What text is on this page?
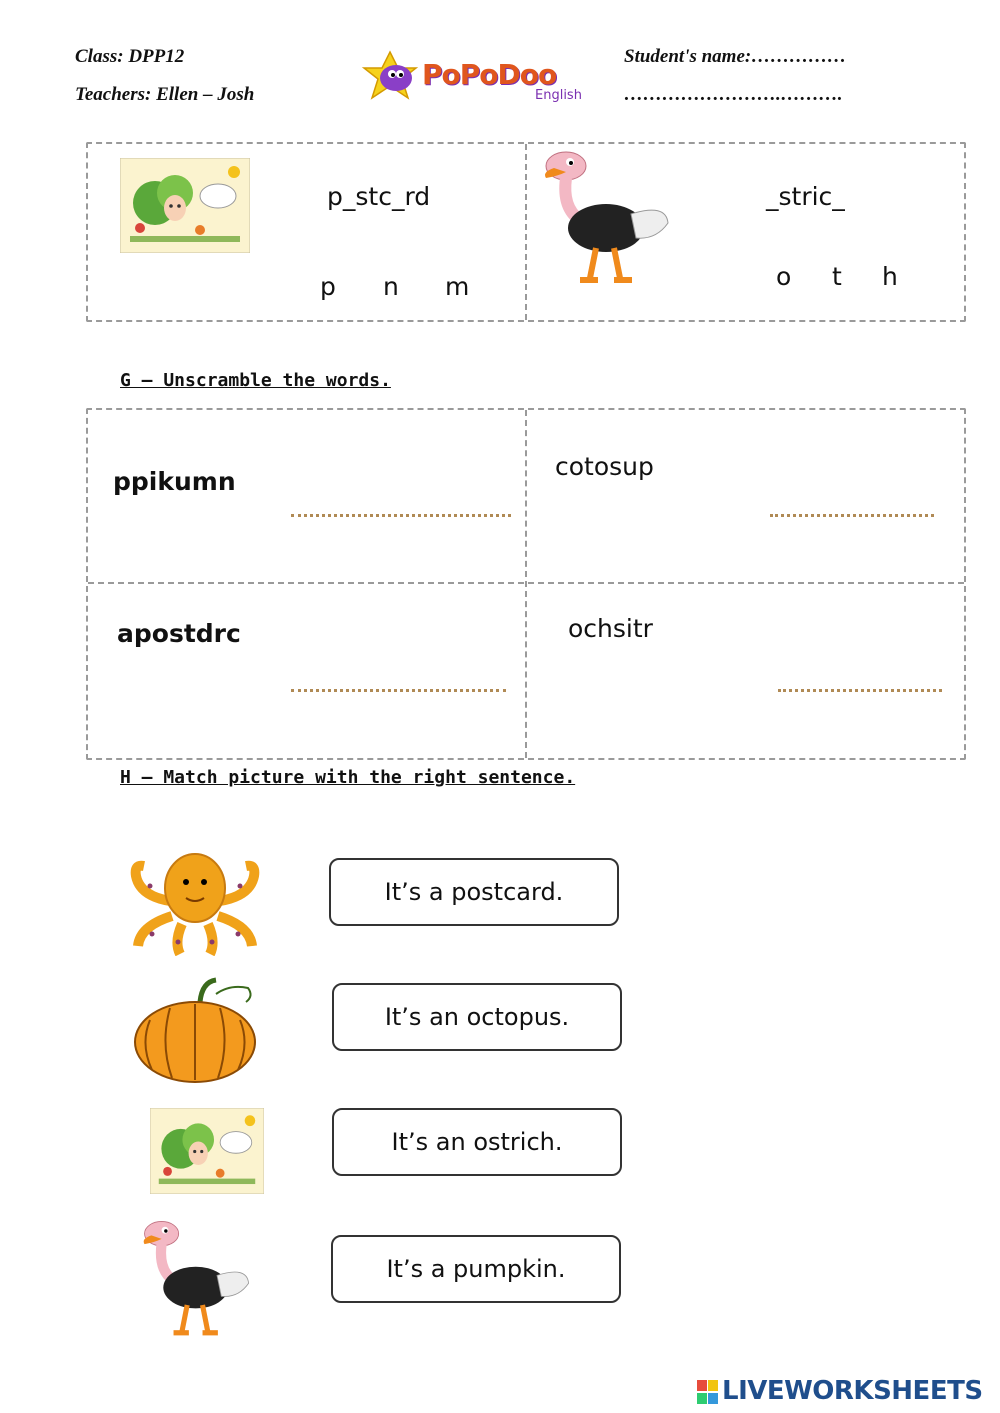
Class: DPP12
Teachers: Ellen – Josh
PoPoDoo
English
Student's name:……………
…………………….……….
p_stc_rd
p n m
_stric_
o t h
G – Unscramble the words.
ppikumn
cotosup
apostdrc	ochsitr
H – Match picture with the right sentence.
It’s a postcard.
It’s an octopus.
It’s an ostrich.
It’s a pumpkin.
LIVEWORKSHEETS
